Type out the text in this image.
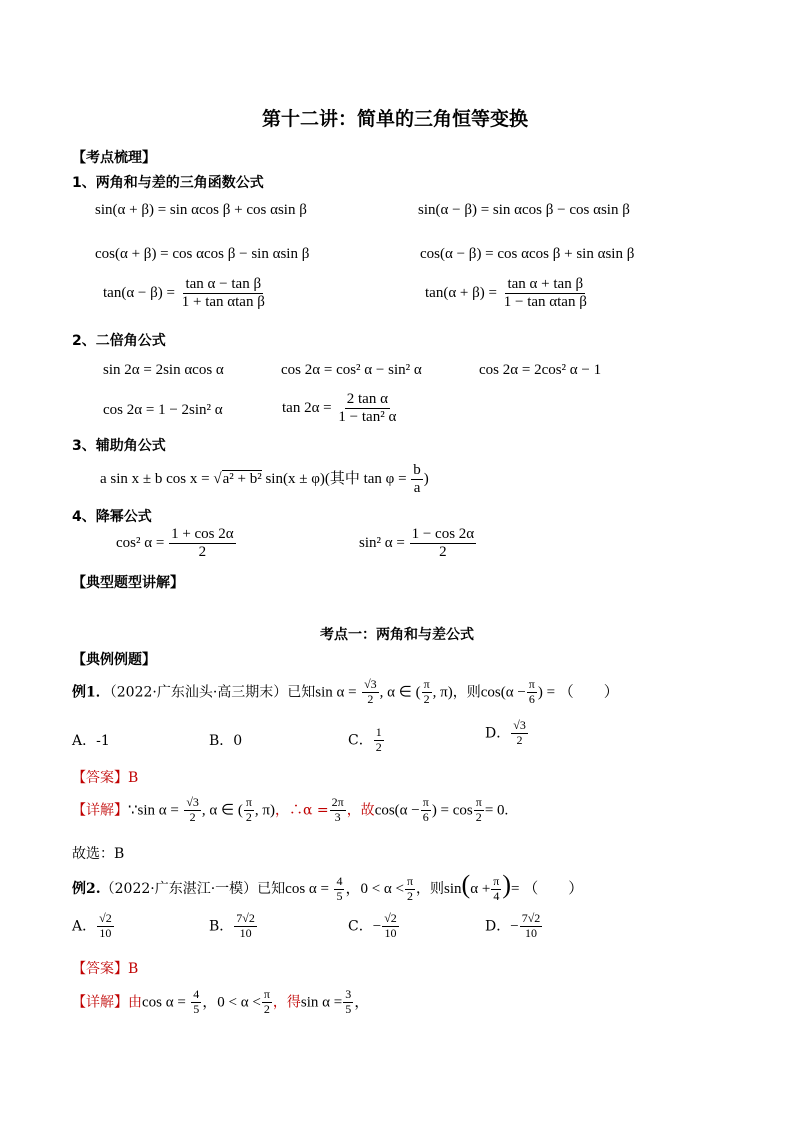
第十二讲：简单的三角恒等变换
【考点梳理】
1、两角和与差的三角函数公式
sin(α + β) = sin αcos β + cos αsin β	sin(α − β) = sin αcos β − cos αsin β
cos(α + β) = cos αcos β − sin αsin β	cos(α − β) = cos αcos β + sin αsin β
$\tan(\alpha - \beta) = \frac{\text{tan α − tan β}}{\text{1 + tan αtan β}}$	$\tan(\alpha + \beta) = \frac{\text{tan α + tan β}}{\text{1 − tan αtan β}}$
2、二倍角公式
sin 2α = 2sin αcos α	cos 2α = cos² α − sin² α	cos 2α = 2cos² α − 1
cos 2α = 1 − 2sin² α	$\tan 2\alpha = \frac{\text{2 tan α}}{\text{1 − tan² α}}$
3、辅助角公式
a sin x ± b cos x = √a² + b² sin(x ± φ)(其中 $\tan \varphi = \frac{b}{a}$ )
4、降幂公式
cos² $\alpha = \frac{1 + \cos 2\alpha}{2}$	sin² $\alpha = \frac{1 - \cos 2\alpha}{2}$
【典型题型讲解】
考点一：两角和与差公式
【典例例题】
例1．（2022·广东汕头·高三期末）已知$\sin \alpha = \frac{√3}{2}$ , α ∈ ( $\frac{\pi}{2}$ , π)，则$\cos(\alpha - \frac{\pi}{6}$ ) = （　　）
A．-1	B．0	C． $\frac{1}{2}$	D． $\frac{√3}{2}$
【答案】B
【详解】∵sin $\alpha = \frac{√3}{2}$ , α ∈ ( $\frac{\pi}{2}$ , π)，∴α = $\frac{2\pi}{3}$ ，故$\cos(\alpha - \frac{\pi}{6}$ ) = $\cos \frac{\pi}{2} = 0$.
故选：B
例2.（2022·广东湛江·一模）已知$\cos \alpha = \frac{4}{5}$ ，$0 < \alpha < \frac{\pi}{2}$ ，则$\sin(\alpha + \frac{\pi}{4}$ )= （　　）
A． $\frac{√2}{10}$	B． $\frac{7√2}{10}$	C．− $\frac{√2}{10}$	D．− $\frac{7√2}{10}$
【答案】B
【详解】由$\cos \alpha = \frac{4}{5}$ ，$0 < \alpha < \frac{\pi}{2}$ ，得$\sin \alpha = \frac{3}{5}$ ，
